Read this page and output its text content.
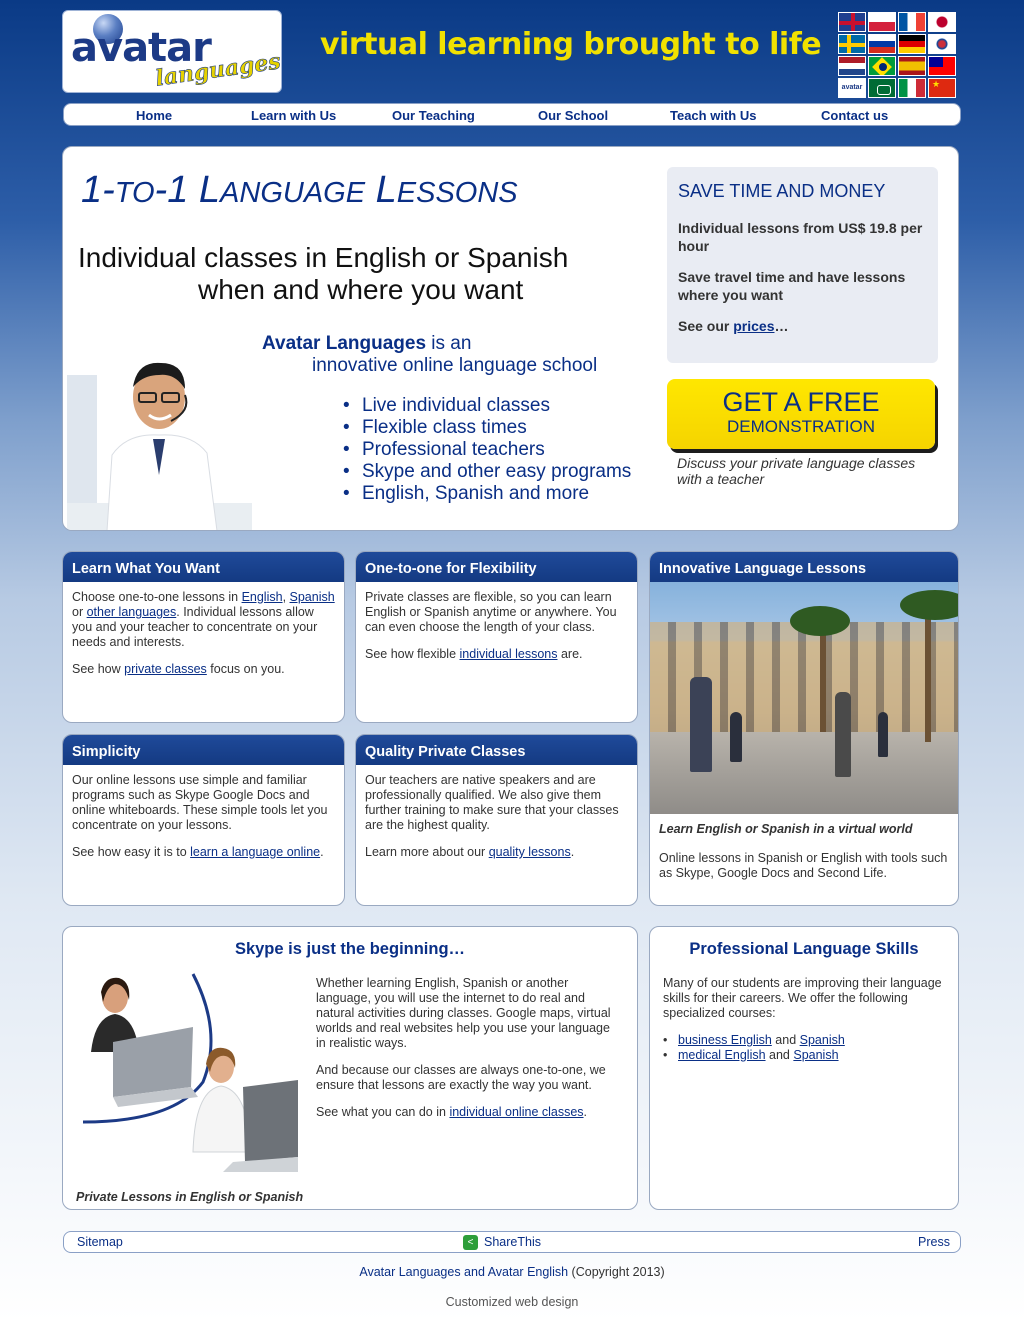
avatar
languages
virtual learning brought to life
avatar
★
Home	Learn with Us	Our Teaching	Our School	Teach with Us	Contact us
1-TO-1 LANGUAGE LESSONS
Individual classes in English or Spanish
when and where you want
Avatar Languages is an
innovative online language school
• Live individual classes
• Flexible class times
• Professional teachers
• Skype and other easy programs
• English, Spanish and more
SAVE TIME AND MONEY
Individual lessons from US$ 19.8 per hour
Save travel time and have lessons where you want
See our prices…
GET A FREE
DEMONSTRATION
Discuss your private language classes with a teacher
Learn What You Want

Choose one-to-one lessons in English, Spanish or other languages. Individual lessons allow you and your teacher to concentrate on your needs and interests.

See how private classes focus on you.

One-to-one for Flexibility

Private classes are flexible, so you can learn English or Spanish anytime or anywhere. You can even choose the length of your class.

See how flexible individual lessons are.

Innovative Language Lessons

Learn English or Spanish in a virtual world

Online lessons in Spanish or English with tools such as Skype, Google Docs and Second Life.

Simplicity

Our online lessons use simple and familiar programs such as Skype Google Docs and online whiteboards. These simple tools let you concentrate on your lessons.

See how easy it is to learn a language online.

Quality Private Classes

Our teachers are native speakers and are professionally qualified. We also give them further training to make sure that your classes are the highest quality.

Learn more about our quality lessons.

Skype is just the beginning…

Whether learning English, Spanish or another language, you will use the internet to do real and natural activities during classes. Google maps, virtual worlds and real websites help you use your language in realistic ways.

And because our classes are always one-to-one, we ensure that lessons are exactly the way you want.

See what you can do in individual online classes.

Private Lessons in English or Spanish
Professional Language Skills

Many of our students are improving their language skills for their careers. We offer the following specialized courses:

• business English and Spanish
• medical English and Spanish
Sitemap	< ShareThis	Press
Avatar Languages and Avatar English (Copyright 2013)
Customized web design
